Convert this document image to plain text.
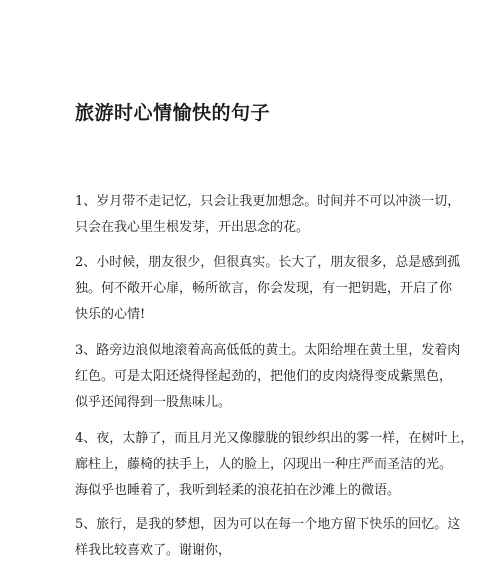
旅游时心情愉快的句子
1、岁月带不走记忆，只会让我更加想念。时间并不可以冲淡一切，
只会在我心里生根发芽，开出思念的花。
2、小时候，朋友很少，但很真实。长大了，朋友很多，总是感到孤
独。何不敞开心扉，畅所欲言，你会发现，有一把钥匙，开启了你
快乐的心情!
3、路旁边浪似地滚着高高低低的黄土。太阳给埋在黄土里，发着肉
红色。可是太阳还烧得怪起劲的，把他们的皮肉烧得变成紫黑色，
似乎还闻得到一股焦味儿。
4、夜，太静了，而且月光又像朦胧的银纱织出的雾一样，在树叶上，
廊柱上，藤椅的扶手上，人的脸上，闪现出一种庄严而圣洁的光。
海似乎也睡着了，我听到轻柔的浪花拍在沙滩上的微语。
5、旅行，是我的梦想，因为可以在每一个地方留下快乐的回忆。这
样我比较喜欢了。谢谢你，
